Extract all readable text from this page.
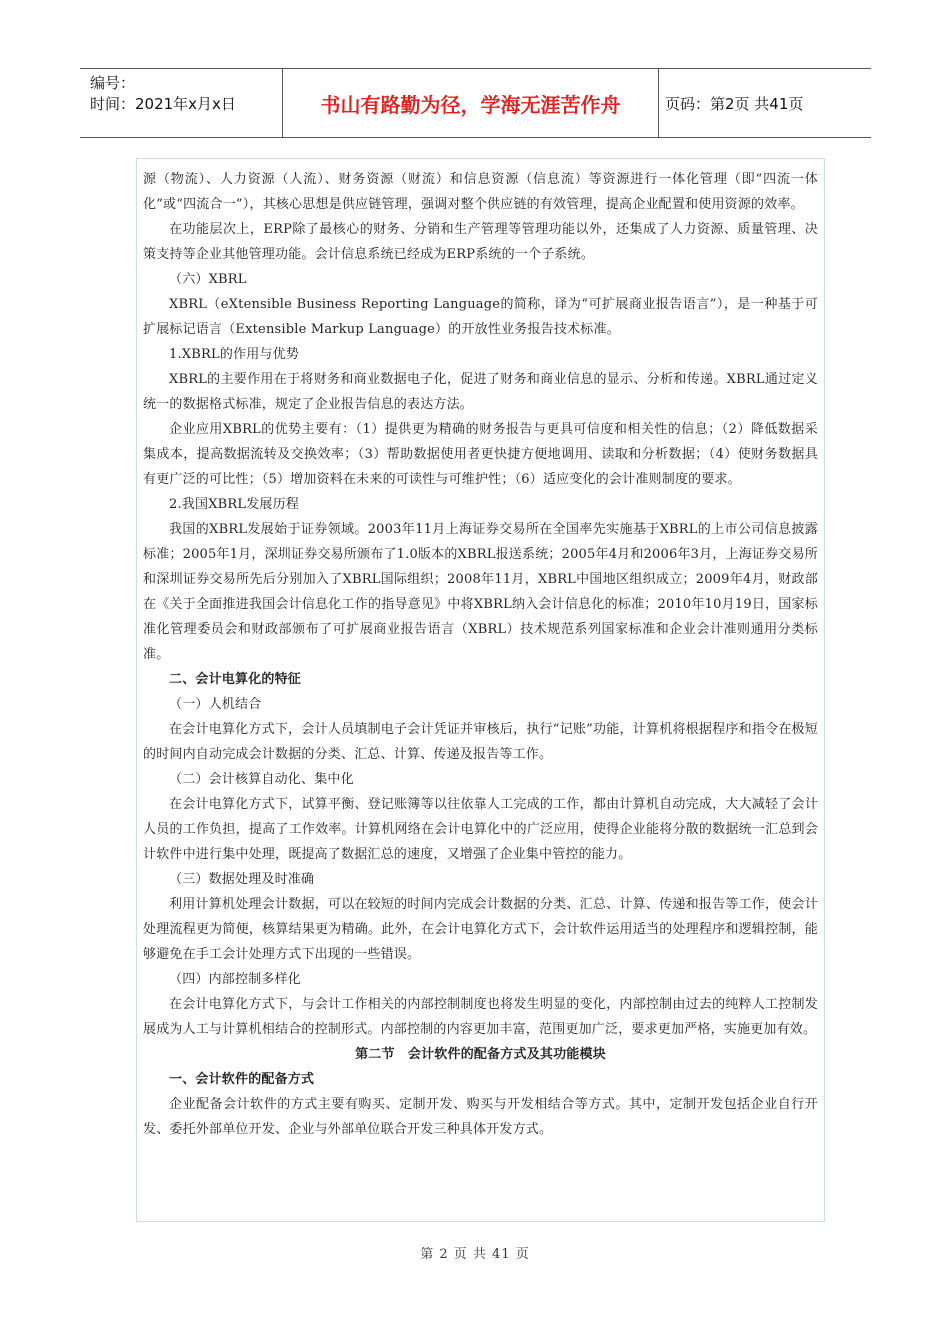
编号：
时间：2021年x月x日	书山有路勤为径，学海无涯苦作舟	页码：第2页 共41页

源（物流）、人力资源（人流）、财务资源（财流）和信息资源（信息流）等资源进行一体化管理（即“四流一体化”或“四流合一”），其核心思想是供应链管理，强调对整个供应链的有效管理，提高企业配置和使用资源的效率。

在功能层次上，ERP除了最核心的财务、分销和生产管理等管理功能以外，还集成了人力资源、质量管理、决策支持等企业其他管理功能。会计信息系统已经成为ERP系统的一个子系统。

（六）XBRL

XBRL（eXtensible Business Reporting Language的简称，译为“可扩展商业报告语言”），是一种基于可扩展标记语言（Extensible Markup Language）的开放性业务报告技术标准。

1.XBRL的作用与优势

XBRL的主要作用在于将财务和商业数据电子化，促进了财务和商业信息的显示、分析和传递。XBRL通过定义统一的数据格式标准，规定了企业报告信息的表达方法。

企业应用XBRL的优势主要有：（1）提供更为精确的财务报告与更具可信度和相关性的信息；（2）降低数据采集成本，提高数据流转及交换效率；（3）帮助数据使用者更快捷方便地调用、读取和分析数据；（4）使财务数据具有更广泛的可比性；（5）增加资料在未来的可读性与可维护性；（6）适应变化的会计准则制度的要求。

2.我国XBRL发展历程

我国的XBRL发展始于证券领域。2003年11月上海证券交易所在全国率先实施基于XBRL的上市公司信息披露标准；2005年1月，深圳证券交易所颁布了1.0版本的XBRL报送系统；2005年4月和2006年3月，上海证券交易所和深圳证券交易所先后分别加入了XBRL国际组织；2008年11月，XBRL中国地区组织成立；2009年4月，财政部在《关于全面推进我国会计信息化工作的指导意见》中将XBRL纳入会计信息化的标准；2010年10月19日，国家标准化管理委员会和财政部颁布了可扩展商业报告语言（XBRL）技术规范系列国家标准和企业会计准则通用分类标准。

二、会计电算化的特征

（一）人机结合

在会计电算化方式下，会计人员填制电子会计凭证并审核后，执行“记账”功能，计算机将根据程序和指令在极短的时间内自动完成会计数据的分类、汇总、计算、传递及报告等工作。

（二）会计核算自动化、集中化

在会计电算化方式下，试算平衡、登记账簿等以往依靠人工完成的工作，都由计算机自动完成，大大减轻了会计人员的工作负担，提高了工作效率。计算机网络在会计电算化中的广泛应用，使得企业能将分散的数据统一汇总到会计软件中进行集中处理，既提高了数据汇总的速度，又增强了企业集中管控的能力。

（三）数据处理及时准确

利用计算机处理会计数据，可以在较短的时间内完成会计数据的分类、汇总、计算、传递和报告等工作，使会计处理流程更为简便，核算结果更为精确。此外，在会计电算化方式下，会计软件运用适当的处理程序和逻辑控制，能够避免在手工会计处理方式下出现的一些错误。

（四）内部控制多样化

在会计电算化方式下，与会计工作相关的内部控制制度也将发生明显的变化，内部控制由过去的纯粹人工控制发展成为人工与计算机相结合的控制形式。内部控制的内容更加丰富，范围更加广泛，要求更加严格，实施更加有效。

第二节　会计软件的配备方式及其功能模块

一、会计软件的配备方式

企业配备会计软件的方式主要有购买、定制开发、购买与开发相结合等方式。其中，定制开发包括企业自行开发、委托外部单位开发、企业与外部单位联合开发三种具体开发方式。

第 2 页 共 41 页
